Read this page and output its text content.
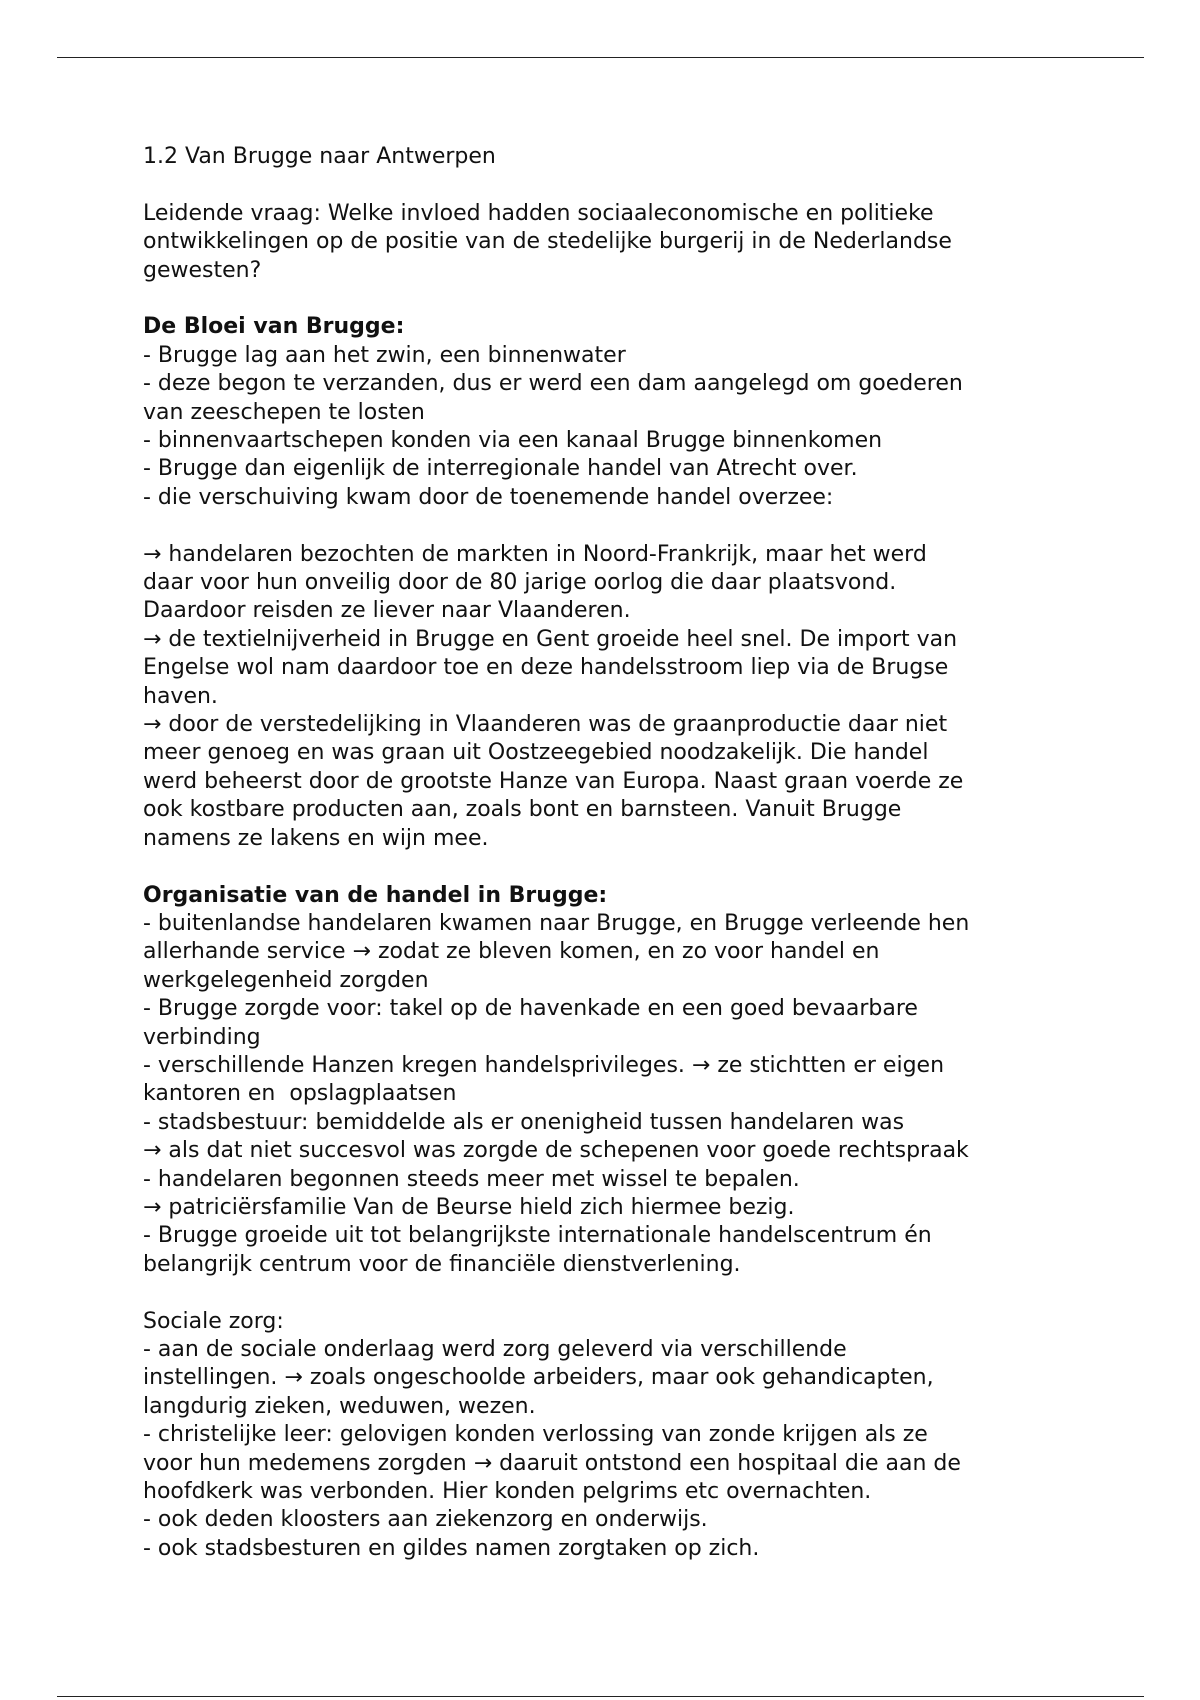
1.2 Van Brugge naar Antwerpen
Leidende vraag: Welke invloed hadden sociaaleconomische en politieke
ontwikkelingen op de positie van de stedelijke burgerij in de Nederlandse
gewesten?
De Bloei van Brugge:
- Brugge lag aan het zwin, een binnenwater
- deze begon te verzanden, dus er werd een dam aangelegd om goederen
van zeeschepen te losten
- binnenvaartschepen konden via een kanaal Brugge binnenkomen
- Brugge dan eigenlijk de interregionale handel van Atrecht over.
- die verschuiving kwam door de toenemende handel overzee:
→ handelaren bezochten de markten in Noord-Frankrijk, maar het werd
daar voor hun onveilig door de 80 jarige oorlog die daar plaatsvond.
Daardoor reisden ze liever naar Vlaanderen.
→ de textielnijverheid in Brugge en Gent groeide heel snel. De import van
Engelse wol nam daardoor toe en deze handelsstroom liep via de Brugse
haven.
→ door de verstedelijking in Vlaanderen was de graanproductie daar niet
meer genoeg en was graan uit Oostzeegebied noodzakelijk. Die handel
werd beheerst door de grootste Hanze van Europa. Naast graan voerde ze
ook kostbare producten aan, zoals bont en barnsteen. Vanuit Brugge
namens ze lakens en wijn mee.
Organisatie van de handel in Brugge:
- buitenlandse handelaren kwamen naar Brugge, en Brugge verleende hen
allerhande service → zodat ze bleven komen, en zo voor handel en
werkgelegenheid zorgden
- Brugge zorgde voor: takel op de havenkade en een goed bevaarbare
verbinding
- verschillende Hanzen kregen handelsprivileges. → ze stichtten er eigen
kantoren en  opslagplaatsen
- stadsbestuur: bemiddelde als er onenigheid tussen handelaren was
→ als dat niet succesvol was zorgde de schepenen voor goede rechtspraak
- handelaren begonnen steeds meer met wissel te bepalen.
→ patriciërsfamilie Van de Beurse hield zich hiermee bezig.
- Brugge groeide uit tot belangrijkste internationale handelscentrum én
belangrijk centrum voor de financiële dienstverlening.
Sociale zorg:
- aan de sociale onderlaag werd zorg geleverd via verschillende
instellingen. → zoals ongeschoolde arbeiders, maar ook gehandicapten,
langdurig zieken, weduwen, wezen.
- christelijke leer: gelovigen konden verlossing van zonde krijgen als ze
voor hun medemens zorgden → daaruit ontstond een hospitaal die aan de
hoofdkerk was verbonden. Hier konden pelgrims etc overnachten.
- ook deden kloosters aan ziekenzorg en onderwijs.
- ook stadsbesturen en gildes namen zorgtaken op zich.
